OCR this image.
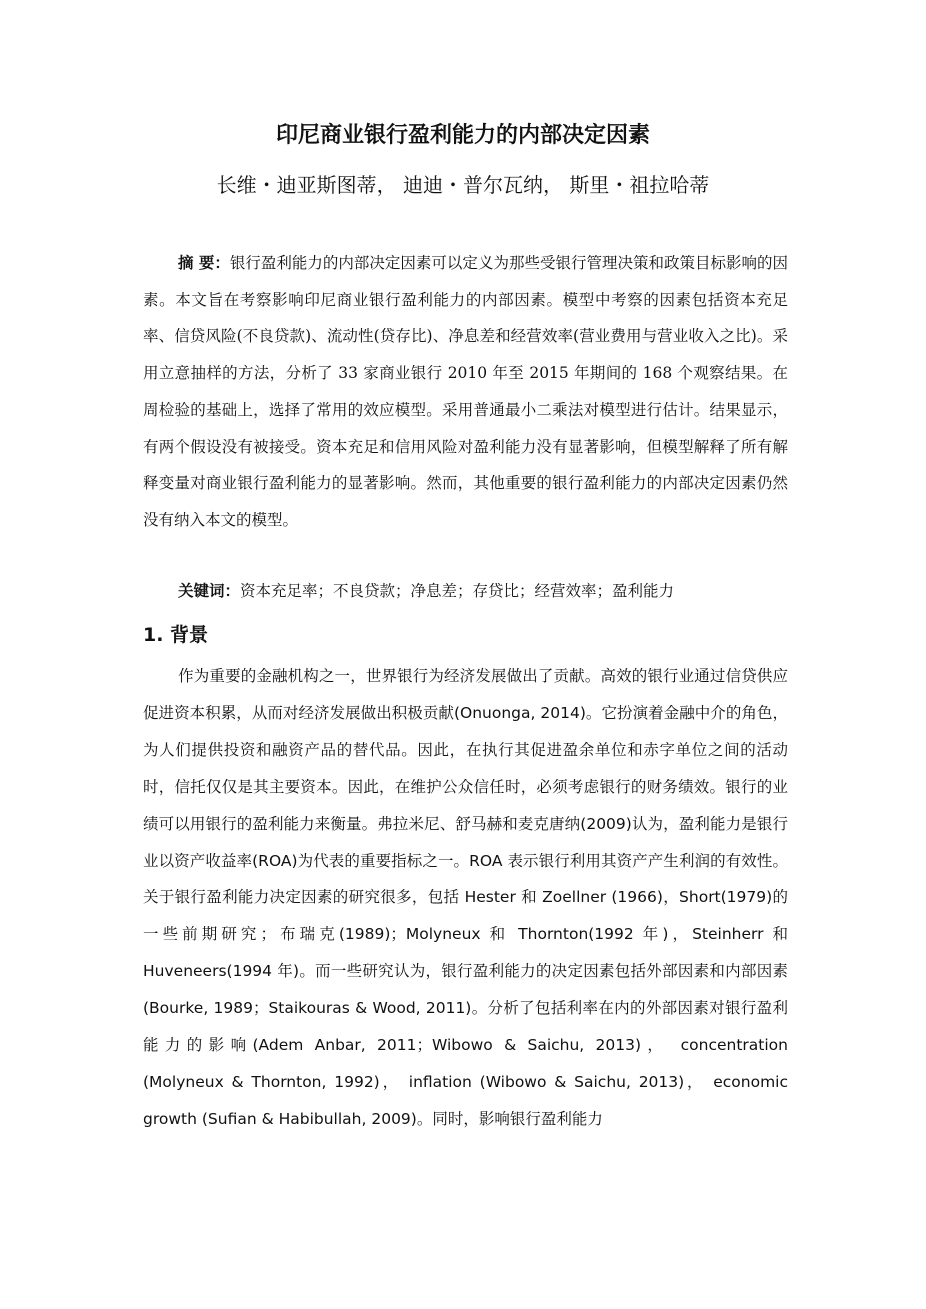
印尼商业银行盈利能力的内部决定因素

长维・迪亚斯图蒂， 迪迪・普尔瓦纳， 斯里・祖拉哈蒂

摘 要：银行盈利能力的内部决定因素可以定义为那些受银行管理决策和政策目标影响的因素。本文旨在考察影响印尼商业银行盈利能力的内部因素。模型中考察的因素包括资本充足率、信贷风险(不良贷款)、流动性(贷存比)、净息差和经营效率(营业费用与营业收入之比)。采用立意抽样的方法，分析了 33 家商业银行 2010 年至 2015 年期间的 168 个观察结果。在周检验的基础上，选择了常用的效应模型。采用普通最小二乘法对模型进行估计。结果显示，有两个假设没有被接受。资本充足和信用风险对盈利能力没有显著影响，但模型解释了所有解释变量对商业银行盈利能力的显著影响。然而，其他重要的银行盈利能力的内部决定因素仍然没有纳入本文的模型。

关键词：资本充足率；不良贷款；净息差；存贷比；经营效率；盈利能力

1. 背景

作为重要的金融机构之一，世界银行为经济发展做出了贡献。高效的银行业通过信贷供应促进资本积累，从而对经济发展做出积极贡献(Onuonga, 2014)。它扮演着金融中介的角色，为人们提供投资和融资产品的替代品。因此，在执行其促进盈余单位和赤字单位之间的活动时，信托仅仅是其主要资本。因此，在维护公众信任时，必须考虑银行的财务绩效。银行的业绩可以用银行的盈利能力来衡量。弗拉米尼、舒马赫和麦克唐纳(2009)认为，盈利能力是银行业以资产收益率(ROA)为代表的重要指标之一。ROA 表示银行利用其资产产生利润的有效性。关于银行盈利能力决定因素的研究很多，包括 Hester 和 Zoellner (1966)，Short(1979)的一些前期研究；布瑞克(1989)；Molyneux 和 Thornton(1992 年)，Steinherr 和 Huveneers(1994 年)。而一些研究认为，银行盈利能力的决定因素包括外部因素和内部因素(Bourke, 1989；Staikouras & Wood, 2011)。分析了包括利率在内的外部因素对银行盈利能力的影响(Adem Anbar, 2011；Wibowo & Saichu, 2013)， concentration (Molyneux & Thornton, 1992)， inflation (Wibowo & Saichu, 2013)， economic growth (Sufian & Habibullah, 2009)。同时，影响银行盈利能力
